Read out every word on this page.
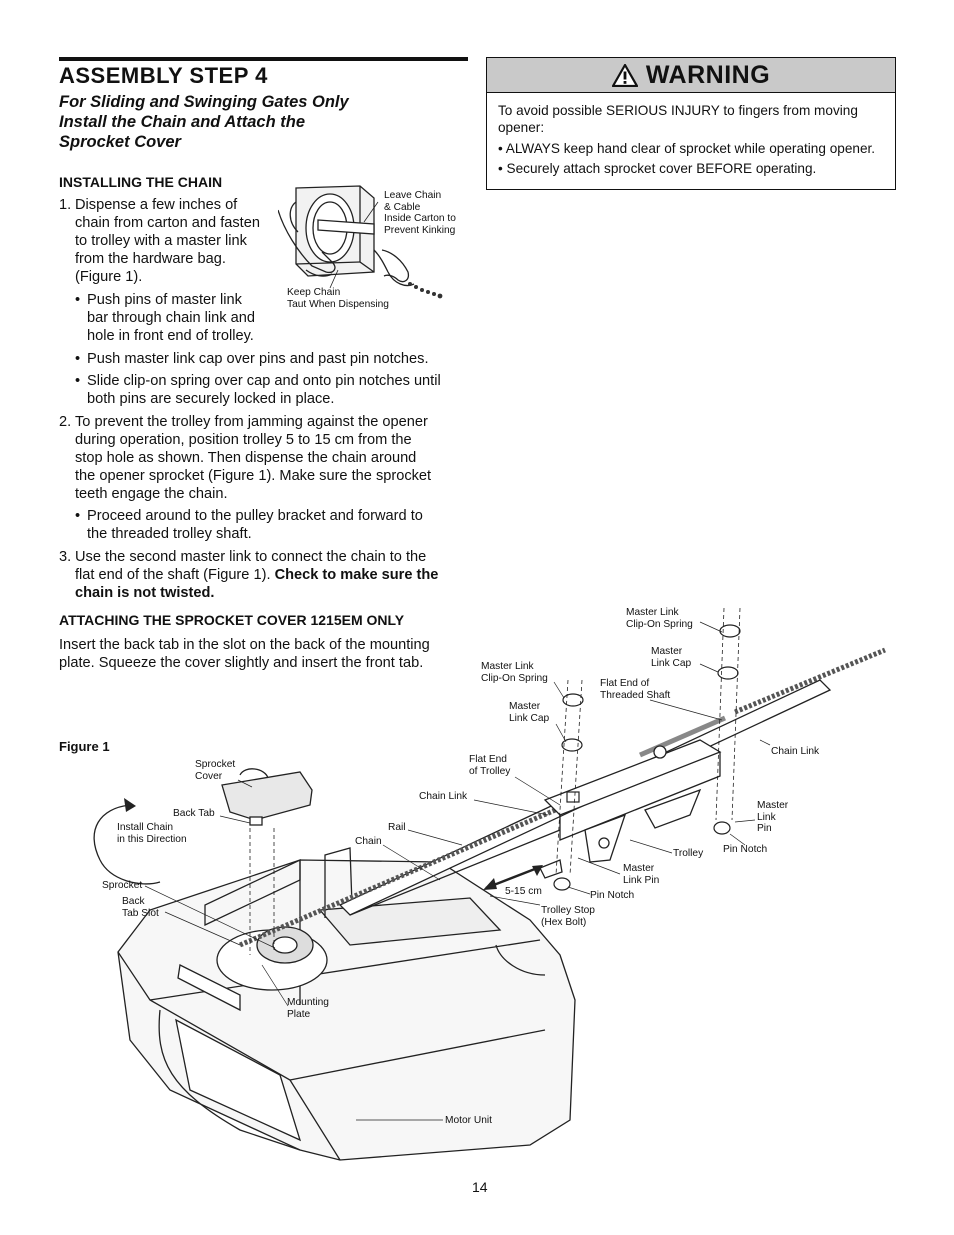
ASSEMBLY STEP 4
For Sliding and Swinging Gates Only
Install the Chain and Attach the
Sprocket Cover
INSTALLING THE CHAIN
1. Dispense a few inches of
chain from carton and fasten
to trolley with a master link
from the hardware bag.
(Figure 1).
• Push pins of master link
bar through chain link and
hole in front end of trolley.
• Push master link cap over pins and past pin notches.
• Slide clip-on spring over cap and onto pin notches until
both pins are securely locked in place.
2. To prevent the trolley from jamming against the opener
during operation, position trolley 5 to 15 cm from the
stop hole as shown. Then dispense the chain around
the opener sprocket (Figure 1). Make sure the sprocket
teeth engage the chain.
• Proceed around to the pulley bracket and forward to
the threaded trolley shaft.
3. Use the second master link to connect the chain to the
flat end of the shaft (Figure 1). Check to make sure the
chain is not twisted.
ATTACHING THE SPROCKET COVER 1215EM ONLY
Insert the back tab in the slot on the back of the mounting
plate. Squeeze the cover slightly and insert the front tab.
WARNING
To avoid possible SERIOUS INJURY to fingers from moving
opener:
• ALWAYS keep hand clear of sprocket while operating opener.
• Securely attach sprocket cover BEFORE operating.
Leave Chain
& Cable
Inside Carton to
Prevent Kinking
Keep Chain
Taut When Dispensing
Figure 1
Master Link
Clip-On Spring
Master
Link Cap
Master Link
Clip-On Spring	Flat End of
Threaded Shaft
Master
Link Cap
Chain Link
Flat End
of Trolley
Sprocket
Cover
Chain Link
Back Tab
Master
Link
Pin
Install Chain
in this Direction
Rail
Chain
Pin Notch
Trolley
Master
Link Pin
Sprocket
5-15 cm	Pin Notch
Back
Tab Slot	Trolley Stop
(Hex Bolt)
Mounting
Plate
Motor Unit
14
